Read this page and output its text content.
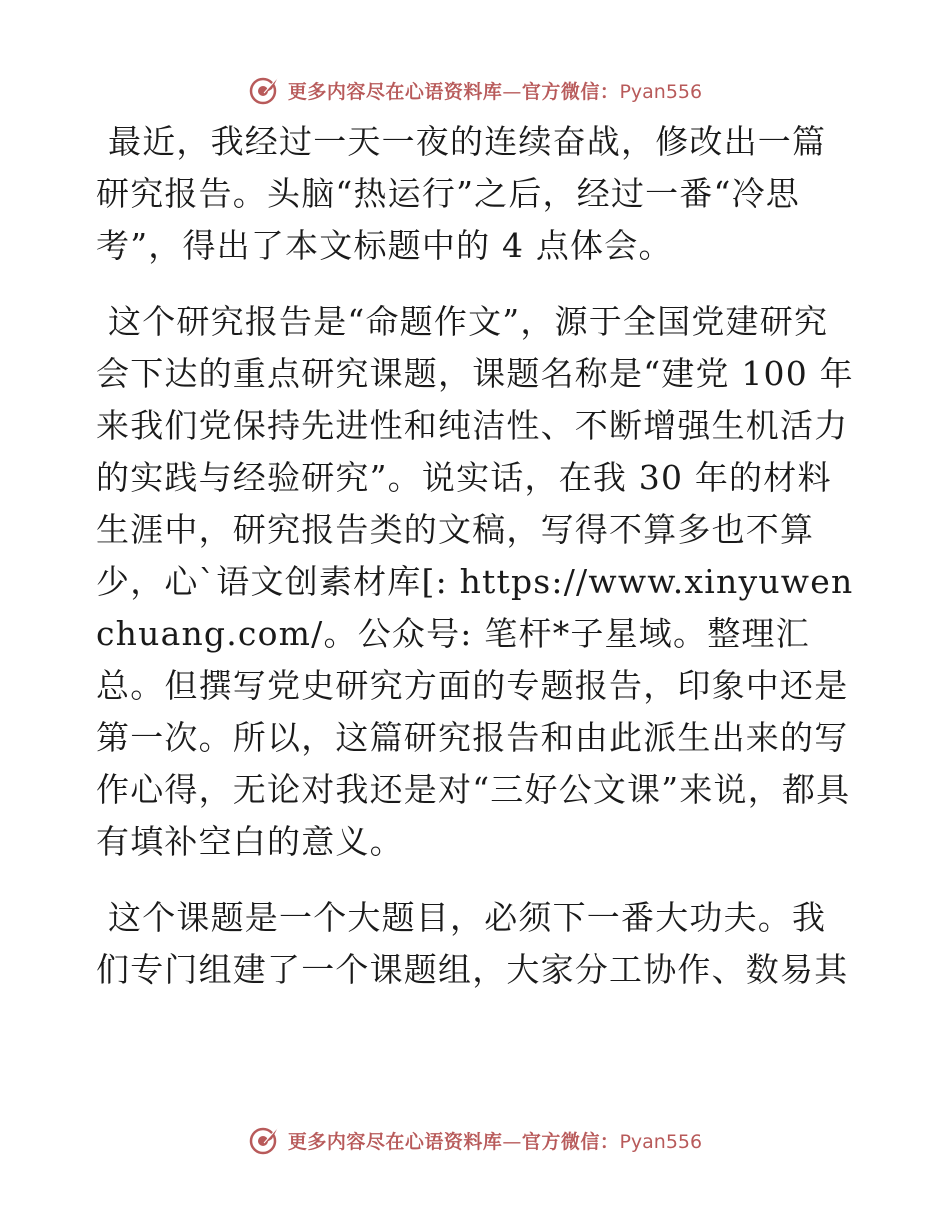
更多内容尽在心语资料库—官方微信：Pyan556

最近，我经过一天一夜的连续奋战，修改出一篇研究报告。头脑“热运行”之后，经过一番“冷思考”，得出了本文标题中的 4 点体会。

这个研究报告是“命题作文”，源于全国党建研究会下达的重点研究课题，课题名称是“建党 100 年来我们党保持先进性和纯洁性、不断增强生机活力的实践与经验研究”。说实话，在我 30 年的材料生涯中，研究报告类的文稿，写得不算多也不算少，心`语文创素材库[: https://www.xinyuwenchuang.com/。公众号: 笔杆*子星域。整理汇总。但撰写党史研究方面的专题报告，印象中还是第一次。所以，这篇研究报告和由此派生出来的写作心得，无论对我还是对“三好公文课”来说，都具有填补空白的意义。

这个课题是一个大题目，必须下一番大功夫。我们专门组建了一个课题组，大家分工协作、数易其

更多内容尽在心语资料库—官方微信：Pyan556
